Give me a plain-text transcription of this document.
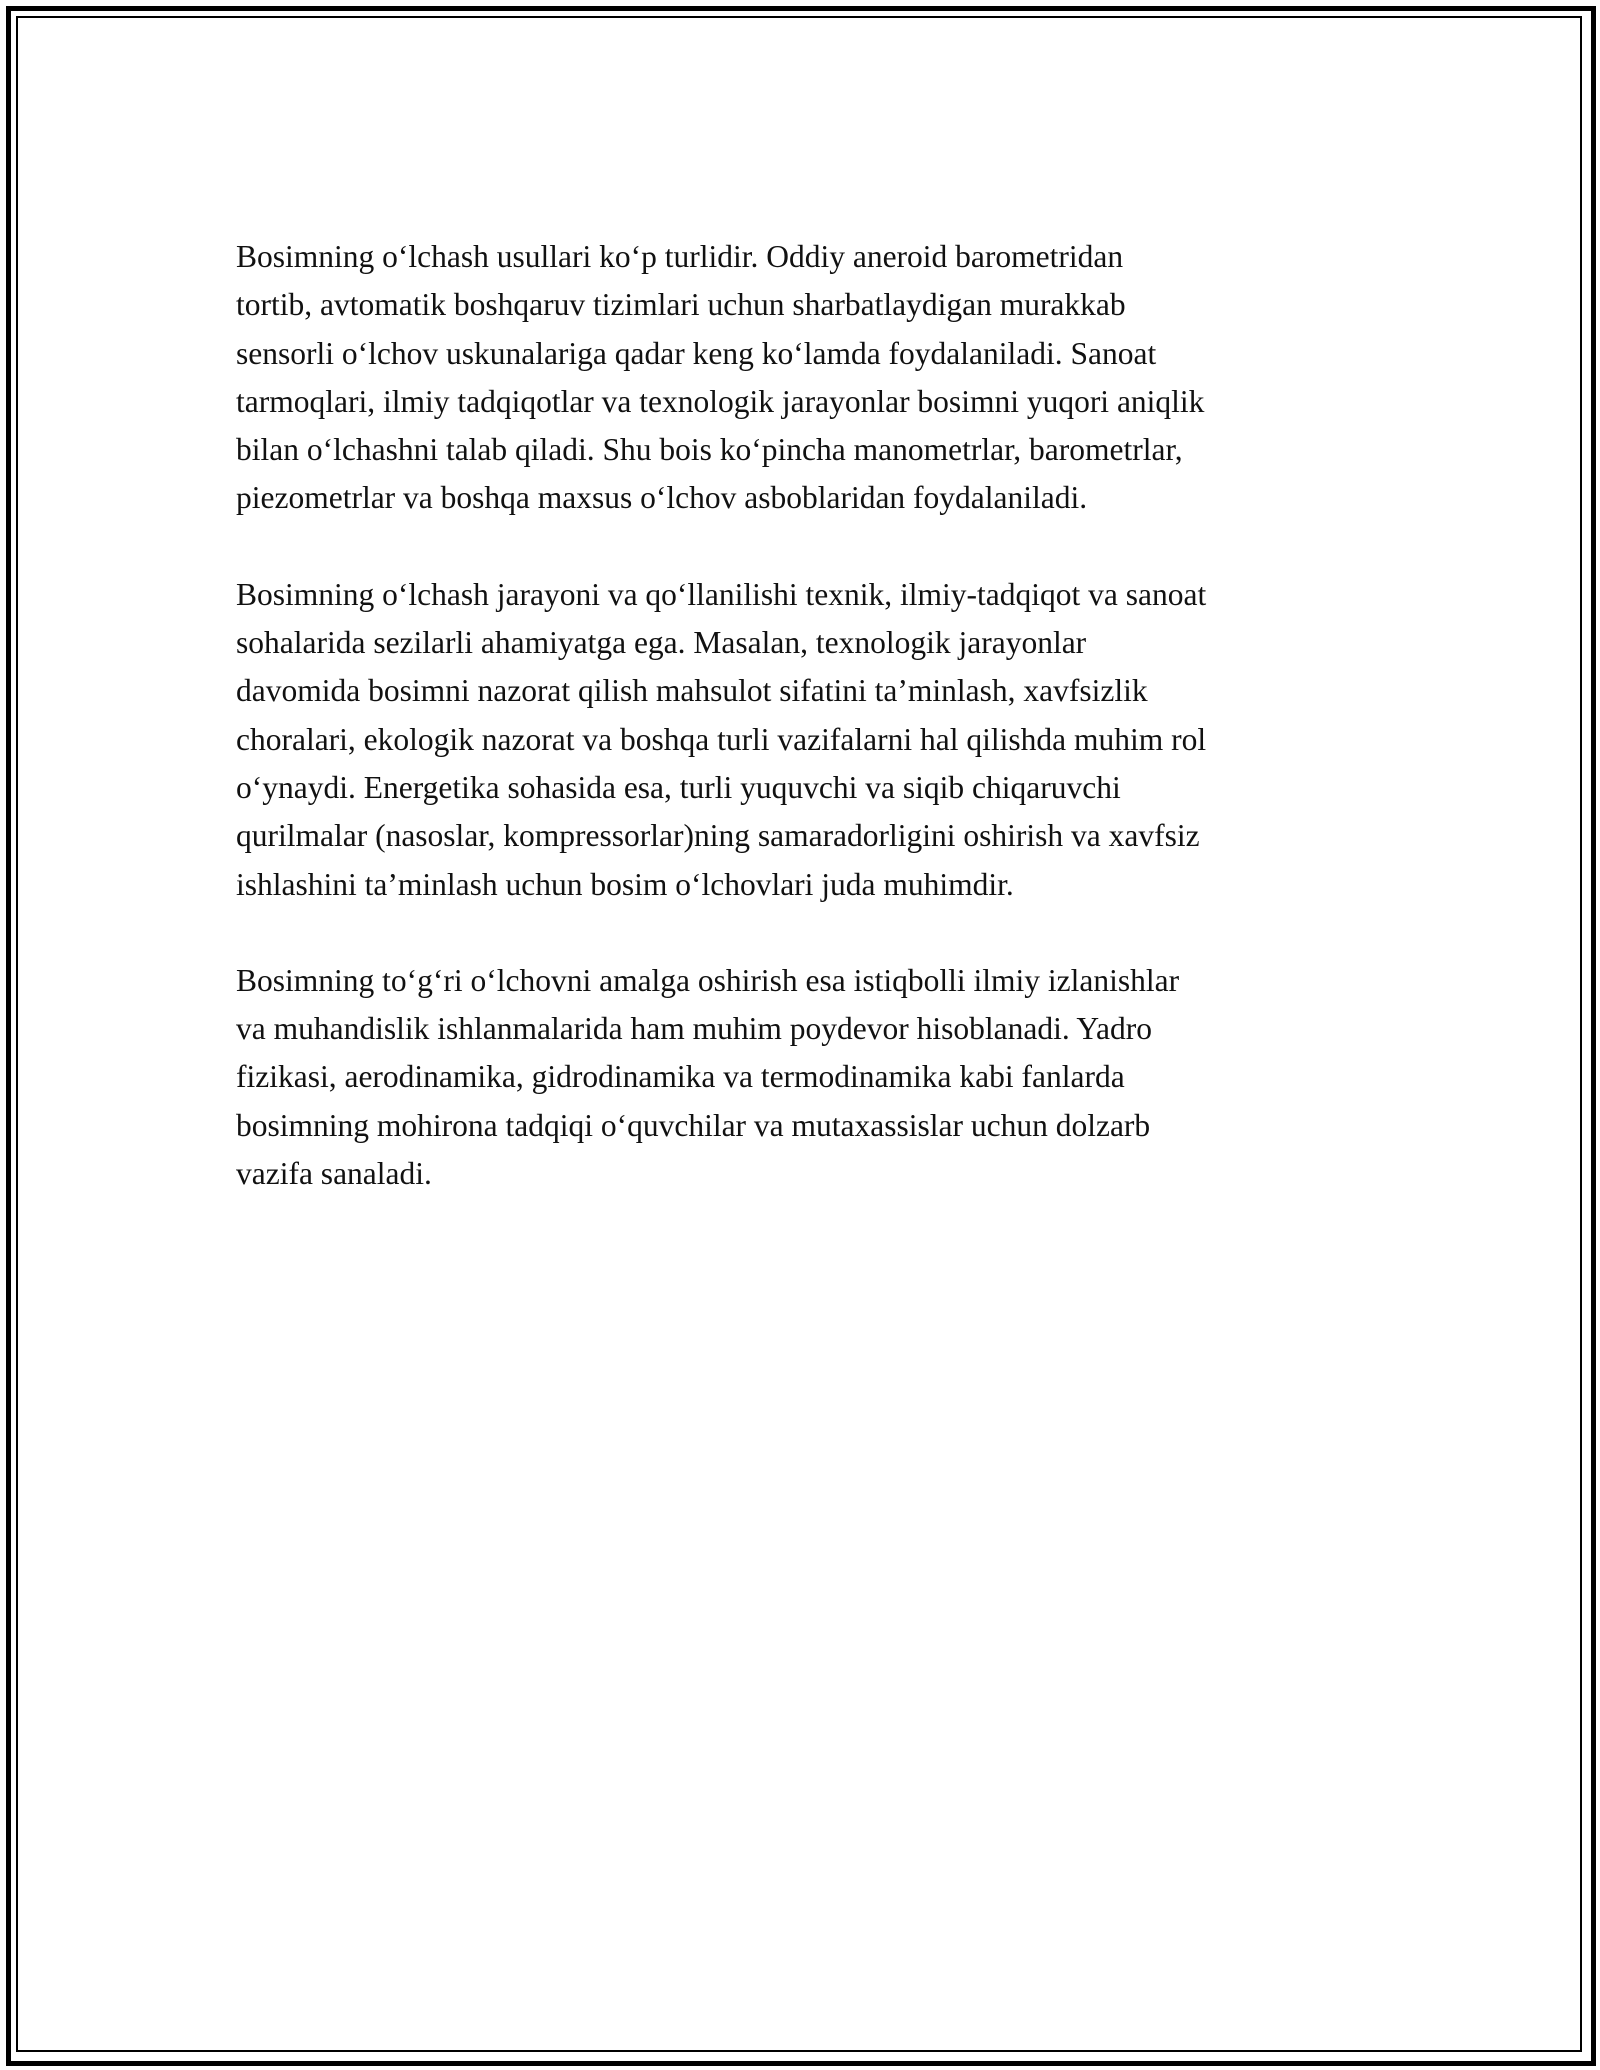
Bosimning oʻlchash usullari koʻp turlidir. Oddiy aneroid barometridan
tortib, avtomatik boshqaruv tizimlari uchun sharbatlaydigan murakkab
sensorli oʻlchov uskunalariga qadar keng koʻlamda foydalaniladi. Sanoat
tarmoqlari, ilmiy tadqiqotlar va texnologik jarayonlar bosimni yuqori aniqlik
bilan oʻlchashni talab qiladi. Shu bois koʻpincha manometrlar, barometrlar,
piezometrlar va boshqa maxsus oʻlchov asboblaridan foydalaniladi.

Bosimning oʻlchash jarayoni va qoʻllanilishi texnik, ilmiy-tadqiqot va sanoat
sohalarida sezilarli ahamiyatga ega. Masalan, texnologik jarayonlar
davomida bosimni nazorat qilish mahsulot sifatini taʼminlash, xavfsizlik
choralari, ekologik nazorat va boshqa turli vazifalarni hal qilishda muhim rol
oʻynaydi. Energetika sohasida esa, turli yuquvchi va siqib chiqaruvchi
qurilmalar (nasoslar, kompressorlar)ning samaradorligini oshirish va xavfsiz
ishlashini taʼminlash uchun bosim oʻlchovlari juda muhimdir.

Bosimning toʻgʻri oʻlchovni amalga oshirish esa istiqbolli ilmiy izlanishlar
va muhandislik ishlanmalarida ham muhim poydevor hisoblanadi. Yadro
fizikasi, aerodinamika, gidrodinamika va termodinamika kabi fanlarda
bosimning mohirona tadqiqi oʻquvchilar va mutaxassislar uchun dolzarb
vazifa sanaladi.
